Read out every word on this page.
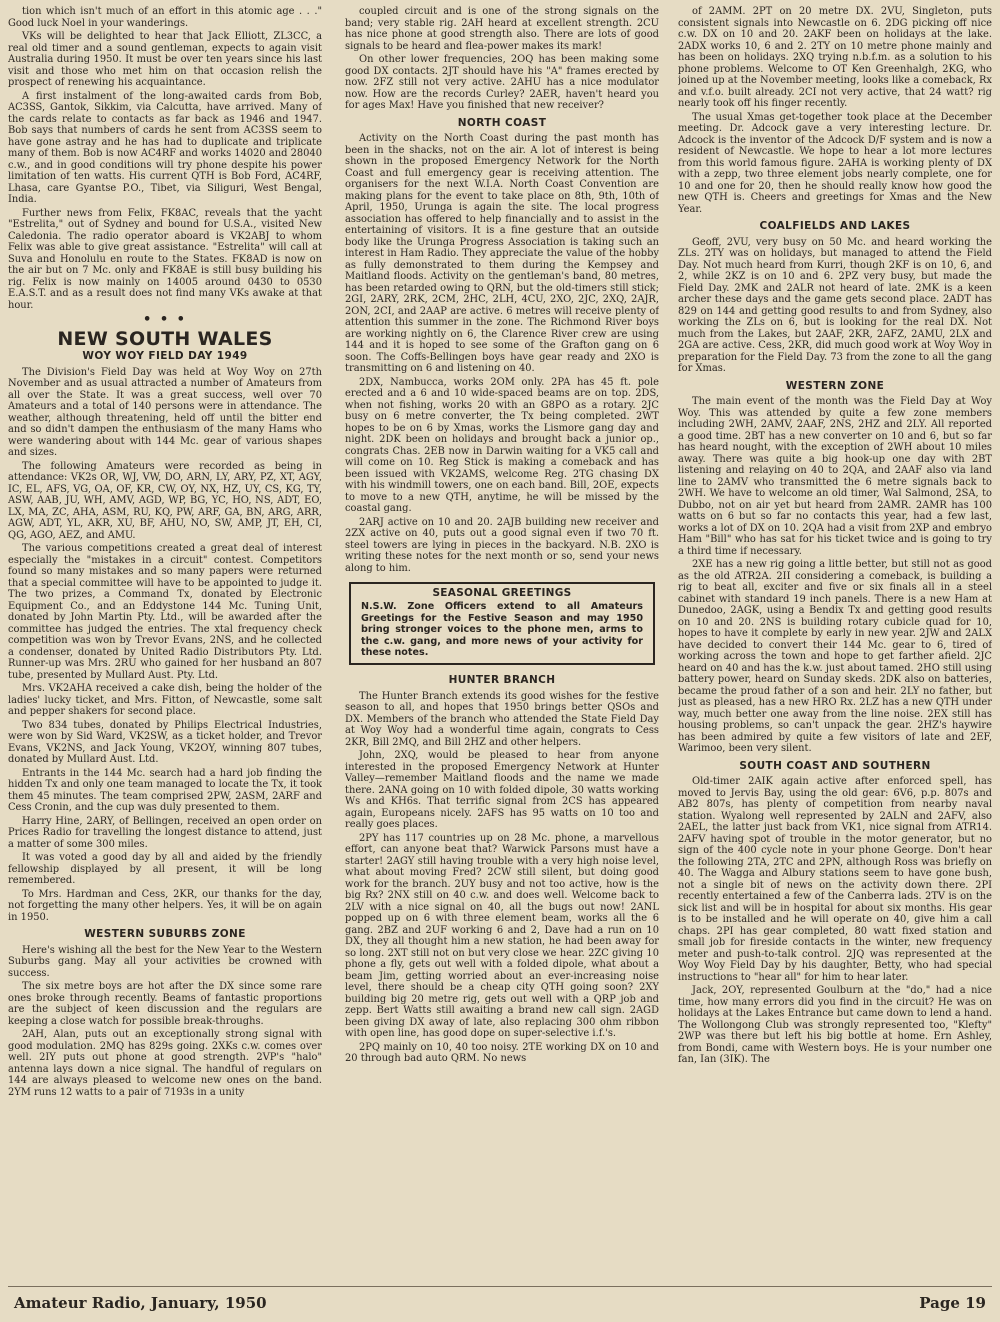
tion which isn't much of an effort in this atomic age . . ." Good luck Noel in your wanderings.

VKs will be delighted to hear that Jack Elliott, ZL3CC, a real old timer and a sound gentleman, expects to again visit Australia during 1950. It must be over ten years since his last visit and those who met him on that occasion relish the prospect of renewing his acquaintance.

A first instalment of the long-awaited cards from Bob, AC3SS, Gantok, Sikkim, via Calcutta, have arrived. Many of the cards relate to contacts as far back as 1946 and 1947. Bob says that numbers of cards he sent from AC3SS seem to have gone astray and he has had to duplicate and triplicate many of them. Bob is now AC4RF and works 14020 and 28040 c.w., and in good conditions will try phone despite his power limitation of ten watts. His current QTH is Bob Ford, AC4RF, Lhasa, care Gyantse P.O., Tibet, via Siliguri, West Bengal, India.

Further news from Felix, FK8AC, reveals that the yacht "Estrelita," out of Sydney and bound for U.S.A., visited New Caledonia. The radio operator aboard is VK2ABJ to whom Felix was able to give great assistance. "Estrelita" will call at Suva and Honolulu en route to the States. FK8AD is now on the air but on 7 Mc. only and FK8AE is still busy building his rig. Felix is now mainly on 14005 around 0430 to 0530 E.A.S.T. and as a result does not find many VKs awake at that hour.

• • •
NEW SOUTH WALES
WOY WOY FIELD DAY 1949

The Division's Field Day was held at Woy Woy on 27th November and as usual attracted a number of Amateurs from all over the State. It was a great success, well over 70 Amateurs and a total of 140 persons were in attendance. The weather, although threatening, held off until the bitter end and so didn't dampen the enthusiasm of the many Hams who were wandering about with 144 Mc. gear of various shapes and sizes.

The following Amateurs were recorded as being in attendance: VK2s OR, WJ, VW, DO, ARN, LY, ARY, PZ, XT, AGY, IC, EL, AFS, VG, OA, OF, KR, CW, OY, NX, HZ, UY, CS, KG, TY, ASW, AAB, JU, WH, AMV, AGD, WP, BG, YC, HO, NS, ADT, EO, LX, MA, ZC, AHA, ASM, RU, KQ, PW, ARF, GA, BN, ARG, ARR, AGW, ADT, YL, AKR, XU, BF, AHU, NO, SW, AMP, JT, EH, CI, QG, AGO, AEZ, and AMU.

The various competitions created a great deal of interest especially the "mistakes in a circuit" contest. Competitors found so many mistakes and so many papers were returned that a special committee will have to be appointed to judge it. The two prizes, a Command Tx, donated by Electronic Equipment Co., and an Eddystone 144 Mc. Tuning Unit, donated by John Martin Pty. Ltd., will be awarded after the committee has judged the entries. The xtal frequency check competition was won by Trevor Evans, 2NS, and he collected a condenser, donated by United Radio Distributors Pty. Ltd. Runner-up was Mrs. 2RU who gained for her husband an 807 tube, presented by Mullard Aust. Pty. Ltd.

Mrs. VK2AHA received a cake dish, being the holder of the ladies' lucky ticket, and Mrs. Fitton, of Newcastle, some salt and pepper shakers for second place.

Two 834 tubes, donated by Philips Electrical Industries, were won by Sid Ward, VK2SW, as a ticket holder, and Trevor Evans, VK2NS, and Jack Young, VK2OY, winning 807 tubes, donated by Mullard Aust. Ltd.

Entrants in the 144 Mc. search had a hard job finding the hidden Tx and only one team managed to locate the Tx, it took them 45 minutes. The team comprised 2PW, 2ASM, 2ARF and Cess Cronin, and the cup was duly presented to them.

Harry Hine, 2ARY, of Bellingen, received an open order on Prices Radio for travelling the longest distance to attend, just a matter of some 300 miles.

It was voted a good day by all and aided by the friendly fellowship displayed by all present, it will be long remembered.

To Mrs. Hardman and Cess, 2KR, our thanks for the day, not forgetting the many other helpers. Yes, it will be on again in 1950.

WESTERN SUBURBS ZONE

Here's wishing all the best for the New Year to the Western Suburbs gang. May all your activities be crowned with success.

The six metre boys are hot after the DX since some rare ones broke through recently. Beams of fantastic proportions are the subject of keen discussion and the regulars are keeping a close watch for possible break-throughs.

2AH, Alan, puts out an exceptionally strong signal with good modulation. 2MQ has 829s going. 2XKs c.w. comes over well. 2IY puts out phone at good strength. 2VP's "halo" antenna lays down a nice signal. The handful of regulars on 144 are always pleased to welcome new ones on the band. 2YM runs 12 watts to a pair of 7193s in a unity

coupled circuit and is one of the strong signals on the band; very stable rig. 2AH heard at excellent strength. 2CU has nice phone at good strength also. There are lots of good signals to be heard and flea-power makes its mark!

On other lower frequencies, 2OQ has been making some good DX contacts. 2JT should have his "A" frames erected by now. 2FZ still not very active. 2AHU has a nice modulator now. How are the records Curley? 2AER, haven't heard you for ages Max! Have you finished that new receiver?

NORTH COAST

Activity on the North Coast during the past month has been in the shacks, not on the air. A lot of interest is being shown in the proposed Emergency Network for the North Coast and full emergency gear is receiving attention. The organisers for the next W.I.A. North Coast Convention are making plans for the event to take place on 8th, 9th, 10th of April, 1950, Urunga is again the site. The local progress association has offered to help financially and to assist in the entertaining of visitors. It is a fine gesture that an outside body like the Urunga Progress Association is taking such an interest in Ham Radio. They appreciate the value of the hobby as fully demonstrated to them during the Kempsey and Maitland floods. Activity on the gentleman's band, 80 metres, has been retarded owing to QRN, but the old-timers still stick; 2GI, 2ARY, 2RK, 2CM, 2HC, 2LH, 4CU, 2XO, 2JC, 2XQ, 2AJR, 2ON, 2CI, and 2AAP are active. 6 metres will receive plenty of attention this summer in the zone. The Richmond River boys are working nightly on 6, the Clarence River crew are using 144 and it is hoped to see some of the Grafton gang on 6 soon. The Coffs-Bellingen boys have gear ready and 2XO is transmitting on 6 and listening on 40.

2DX, Nambucca, works 2OM only. 2PA has 45 ft. pole erected and a 6 and 10 wide-spaced beams are on top. 2DS, when not fishing, works 20 with an G8PO as a rotary. 2JC busy on 6 metre converter, the Tx being completed. 2WT hopes to be on 6 by Xmas, works the Lismore gang day and night. 2DK been on holidays and brought back a junior op., congrats Chas. 2EB now in Darwin waiting for a VK5 call and will come on 10. Reg Stick is making a comeback and has been issued with VK2AMS, welcome Reg. 2TG chasing DX with his windmill towers, one on each band. Bill, 2OE, expects to move to a new QTH, anytime, he will be missed by the coastal gang.

2ARJ active on 10 and 20. 2AJB building new receiver and 2ZX active on 40, puts out a good signal even if two 70 ft. steel towers are lying in pieces in the backyard. N.B. 2XO is writing these notes for the next month or so, send your news along to him.

SEASONAL GREETINGS
N.S.W. Zone Officers extend to all Amateurs Greetings for the Festive Season and may 1950 bring stronger voices to the phone men, arms to the c.w. gang, and more news of your activity for these notes.
HUNTER BRANCH

The Hunter Branch extends its good wishes for the festive season to all, and hopes that 1950 brings better QSOs and DX. Members of the branch who attended the State Field Day at Woy Woy had a wonderful time again, congrats to Cess 2KR, Bill 2MQ, and Bill 2HZ and other helpers.

John, 2XQ, would be pleased to hear from anyone interested in the proposed Emergency Network at Hunter Valley—remember Maitland floods and the name we made there. 2ANA going on 10 with folded dipole, 30 watts working Ws and KH6s. That terrific signal from 2CS has appeared again, Europeans nicely. 2AFS has 95 watts on 10 too and really goes places.

2PY has 117 countries up on 28 Mc. phone, a marvellous effort, can anyone beat that? Warwick Parsons must have a starter! 2AGY still having trouble with a very high noise level, what about moving Fred? 2CW still silent, but doing good work for the branch. 2UY busy and not too active, how is the big Rx? 2NX still on 40 c.w. and does well. Welcome back to 2LV with a nice signal on 40, all the bugs out now! 2ANL popped up on 6 with three element beam, works all the 6 gang. 2BZ and 2UF working 6 and 2, Dave had a run on 10 DX, they all thought him a new station, he had been away for so long. 2XT still not on but very close we hear. 2ZC giving 10 phone a fly, gets out well with a folded dipole, what about a beam Jim, getting worried about an ever-increasing noise level, there should be a cheap city QTH going soon? 2XY building big 20 metre rig, gets out well with a QRP job and zepp. Bert Watts still awaiting a brand new call sign. 2AGD been giving DX away of late, also replacing 300 ohm ribbon with open line, has good dope on super-selective i.f.'s.

2PQ mainly on 10, 40 too noisy. 2TE working DX on 10 and 20 through bad auto QRM. No news

of 2AMM. 2PT on 20 metre DX. 2VU, Singleton, puts consistent signals into Newcastle on 6. 2DG picking off nice c.w. DX on 10 and 20. 2AKF been on holidays at the lake. 2ADX works 10, 6 and 2. 2TY on 10 metre phone mainly and has been on holidays. 2XQ trying n.b.f.m. as a solution to his phone problems. Welcome to OT Ken Greenhalgh, 2KG, who joined up at the November meeting, looks like a comeback, Rx and v.f.o. built already. 2CI not very active, that 24 watt? rig nearly took off his finger recently.

The usual Xmas get-together took place at the December meeting. Dr. Adcock gave a very interesting lecture. Dr. Adcock is the inventor of the Adcock D/F system and is now a resident of Newcastle. We hope to hear a lot more lectures from this world famous figure. 2AHA is working plenty of DX with a zepp, two three element jobs nearly complete, one for 10 and one for 20, then he should really know how good the new QTH is. Cheers and greetings for Xmas and the New Year.

COALFIELDS AND LAKES

Geoff, 2VU, very busy on 50 Mc. and heard working the ZLs. 2TY was on holidays, but managed to attend the Field Day. Not much heard from Kurri, though 2KF is on 10, 6, and 2, while 2KZ is on 10 and 6. 2PZ very busy, but made the Field Day. 2MK and 2ALR not heard of late. 2MK is a keen archer these days and the game gets second place. 2ADT has 829 on 144 and getting good results to and from Sydney, also working the ZLs on 6, but is looking for the real DX. Not much from the Lakes, but 2AAF, 2KR, 2AFZ, 2AMU, 2LX and 2GA are active. Cess, 2KR, did much good work at Woy Woy in preparation for the Field Day. 73 from the zone to all the gang for Xmas.

WESTERN ZONE

The main event of the month was the Field Day at Woy Woy. This was attended by quite a few zone members including 2WH, 2AMV, 2AAF, 2NS, 2HZ and 2LY. All reported a good time. 2BT has a new converter on 10 and 6, but so far has heard nought, with the exception of 2WH about 10 miles away. There was quite a big hook-up one day with 2BT listening and relaying on 40 to 2QA, and 2AAF also via land line to 2AMV who transmitted the 6 metre signals back to 2WH. We have to welcome an old timer, Wal Salmond, 2SA, to Dubbo, not on air yet but heard from 2AMR. 2AMR has 100 watts on 6 but so far no contacts this year, had a few last, works a lot of DX on 10. 2QA had a visit from 2XP and embryo Ham "Bill" who has sat for his ticket twice and is going to try a third time if necessary.

2XE has a new rig going a little better, but still not as good as the old ATR2A. 2II considering a comeback, is building a rig to beat all, exciter and five or six finals all in a steel cabinet with standard 19 inch panels. There is a new Ham at Dunedoo, 2AGK, using a Bendix Tx and getting good results on 10 and 20. 2NS is building rotary cubicle quad for 10, hopes to have it complete by early in new year. 2JW and 2ALX have decided to convert their 144 Mc. gear to 6, tired of working across the town and hope to get farther afield. 2JC heard on 40 and has the k.w. just about tamed. 2HO still using battery power, heard on Sunday skeds. 2DK also on batteries, became the proud father of a son and heir. 2LY no father, but just as pleased, has a new HRO Rx. 2LZ has a new QTH under way, much better one away from the line noise. 2EX still has housing problems, so can't unpack the gear. 2HZ's haywire has been admired by quite a few visitors of late and 2EF, Warimoo, been very silent.

SOUTH COAST AND SOUTHERN

Old-timer 2AIK again active after enforced spell, has moved to Jervis Bay, using the old gear: 6V6, p.p. 807s and AB2 807s, has plenty of competition from nearby naval station. Wyalong well represented by 2ALN and 2AFV, also 2AEL, the latter just back from VK1, nice signal from ATR14. 2AFV having spot of trouble in the motor generator, but no sign of the 400 cycle note in your phone George. Don't hear the following 2TA, 2TC and 2PN, although Ross was briefly on 40. The Wagga and Albury stations seem to have gone bush, not a single bit of news on the activity down there. 2PI recently entertained a few of the Canberra lads. 2TV is on the sick list and will be in hospital for about six months. His gear is to be installed and he will operate on 40, give him a call chaps. 2PI has gear completed, 80 watt fixed station and small job for fireside contacts in the winter, new frequency meter and push-to-talk control. 2JQ was represented at the Woy Woy Field Day by his daughter, Betty, who had special instructions to "hear all" for him to hear later.

Jack, 2OY, represented Goulburn at the "do," had a nice time, how many errors did you find in the circuit? He was on holidays at the Lakes Entrance but came down to lend a hand. The Wollongong Club was strongly represented too, "Klefty" 2WP was there but left his big bottle at home. Ern Ashley, from Bondi, came with Western boys. He is your number one fan, Ian (3IK). The

Amateur Radio, January, 1950	Page 19
